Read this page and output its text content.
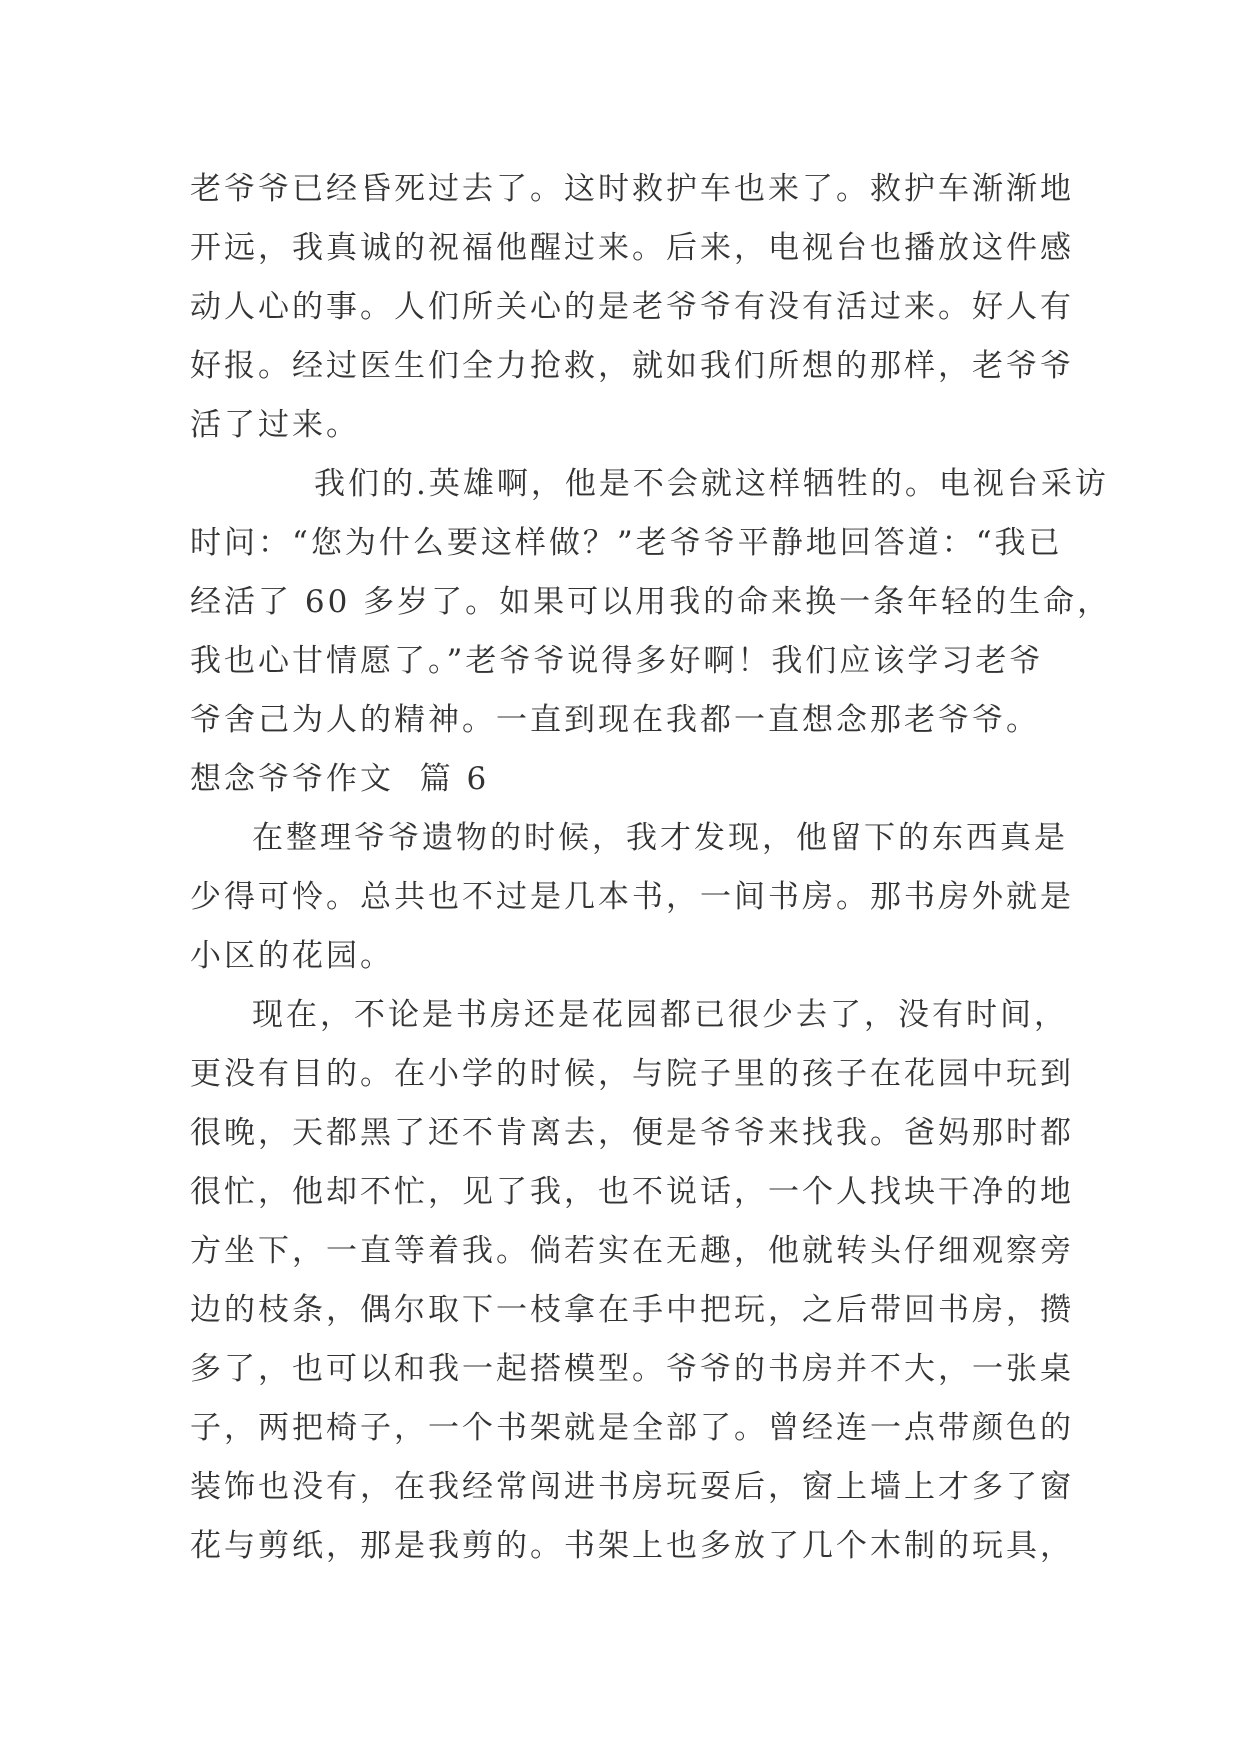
老爷爷已经昏死过去了。这时救护车也来了。救护车渐渐地
开远，我真诚的祝福他醒过来。后来，电视台也播放这件感
动人心的事。人们所关心的是老爷爷有没有活过来。好人有
好报。经过医生们全力抢救，就如我们所想的那样，老爷爷
活了过来。

我们的.英雄啊，他是不会就这样牺牲的。电视台采访
时问：“您为什么要这样做？”老爷爷平静地回答道：“我已
经活了 60 多岁了。如果可以用我的命来换一条年轻的生命，
我也心甘情愿了。”老爷爷说得多好啊！我们应该学习老爷
爷舍己为人的精神。一直到现在我都一直想念那老爷爷。

想念爷爷作文  篇 6

在整理爷爷遗物的时候，我才发现，他留下的东西真是
少得可怜。总共也不过是几本书，一间书房。那书房外就是
小区的花园。

现在，不论是书房还是花园都已很少去了，没有时间，
更没有目的。在小学的时候，与院子里的孩子在花园中玩到
很晚，天都黑了还不肯离去，便是爷爷来找我。爸妈那时都
很忙，他却不忙，见了我，也不说话，一个人找块干净的地
方坐下，一直等着我。倘若实在无趣，他就转头仔细观察旁
边的枝条，偶尔取下一枝拿在手中把玩，之后带回书房，攒
多了，也可以和我一起搭模型。爷爷的书房并不大，一张桌
子，两把椅子，一个书架就是全部了。曾经连一点带颜色的
装饰也没有，在我经常闯进书房玩耍后，窗上墙上才多了窗
花与剪纸，那是我剪的。书架上也多放了几个木制的玩具，
